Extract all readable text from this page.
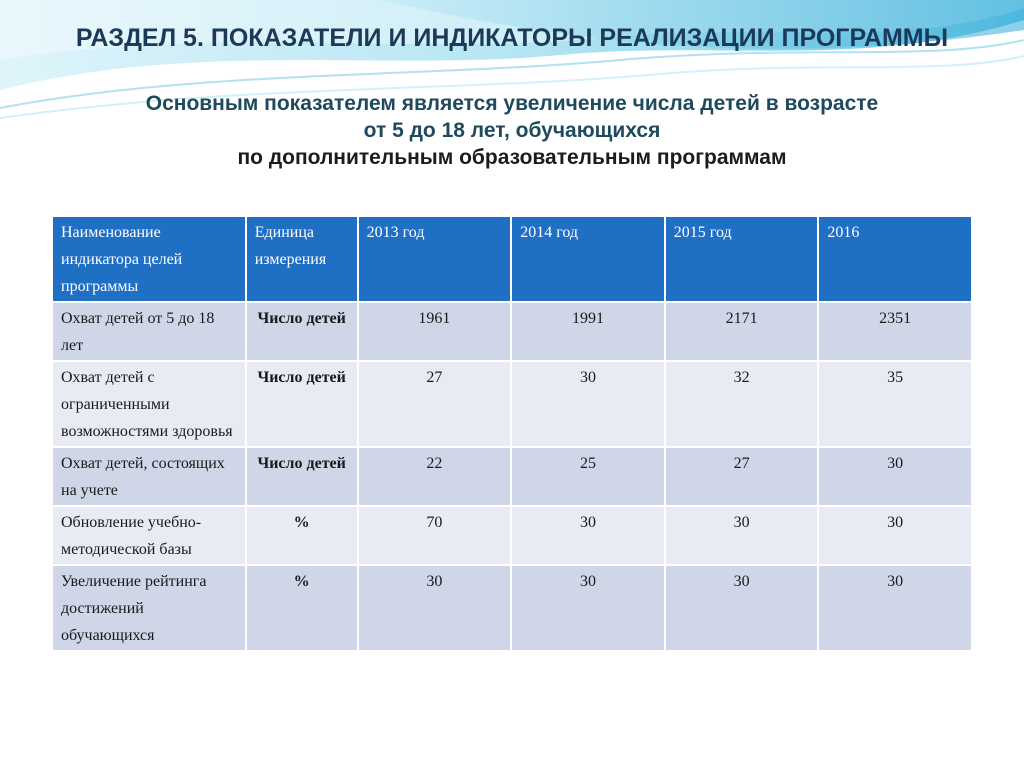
РАЗДЕЛ 5. ПОКАЗАТЕЛИ И ИНДИКАТОРЫ РЕАЛИЗАЦИИ ПРОГРАММЫ

Основным показателем является увеличение числа детей в возрасте
от 5 до 18 лет, обучающихся
по дополнительным образовательным программам

Наименование индикатора целей программы	Единица измерения	2013 год	2014 год	2015 год	2016
Охват детей от 5 до 18 лет	Число детей	1961	1991	2171	2351
Охват детей с ограниченными возможностями здоровья	Число детей	27	30	32	35
Охват детей, состоящих на учете	Число детей	22	25	27	30
Обновление учебно-методической базы	%	70	30	30	30
Увеличение рейтинга достижений обучающихся	%	30	30	30	30
